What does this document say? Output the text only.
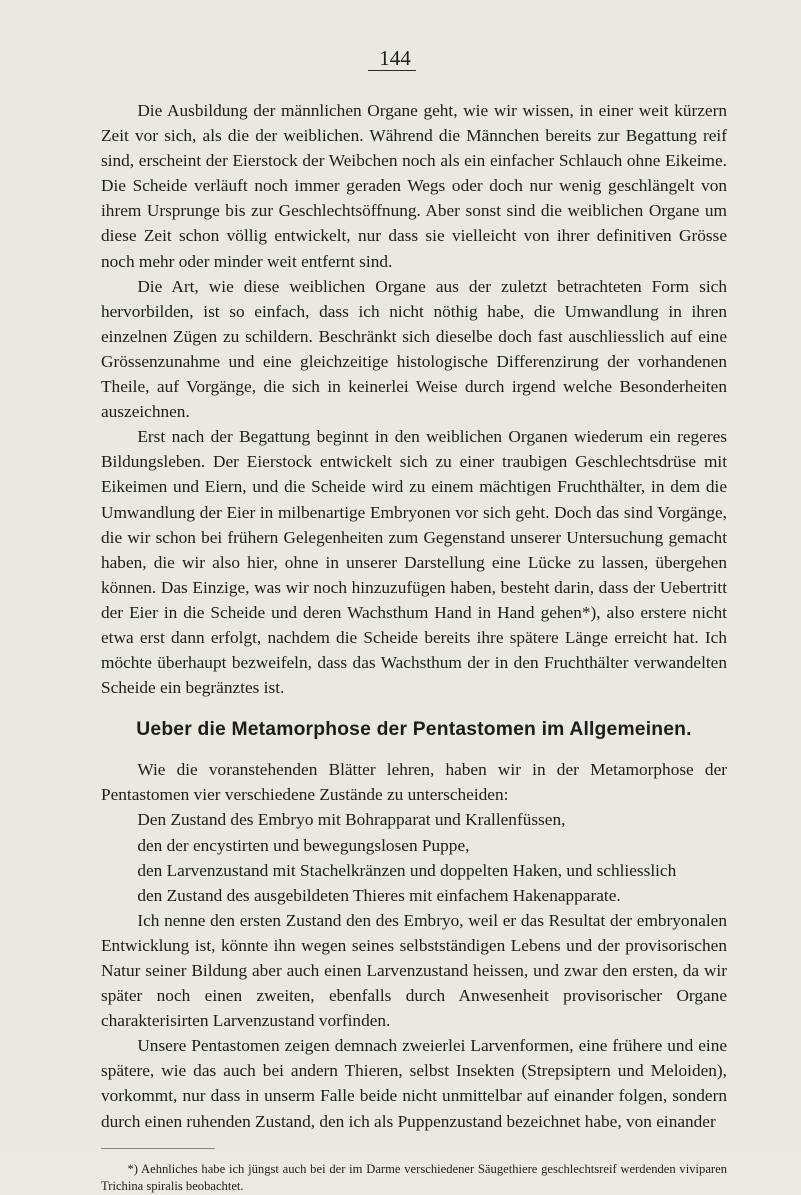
144

Die Ausbildung der männlichen Organe geht, wie wir wissen, in einer weit kürzern Zeit vor sich, als die der weiblichen. Während die Männchen bereits zur Begattung reif sind, erscheint der Eierstock der Weibchen noch als ein einfacher Schlauch ohne Eikeime. Die Scheide verläuft noch immer geraden Wegs oder doch nur wenig geschlängelt von ihrem Ursprunge bis zur Geschlechtsöffnung. Aber sonst sind die weiblichen Organe um diese Zeit schon völlig entwickelt, nur dass sie vielleicht von ihrer definitiven Grösse noch mehr oder minder weit entfernt sind.

Die Art, wie diese weiblichen Organe aus der zuletzt betrachteten Form sich hervorbilden, ist so einfach, dass ich nicht nöthig habe, die Umwandlung in ihren einzelnen Zügen zu schildern. Beschränkt sich dieselbe doch fast auschliesslich auf eine Grössenzunahme und eine gleichzeitige histologische Differenzirung der vorhandenen Theile, auf Vorgänge, die sich in keinerlei Weise durch irgend welche Besonderheiten auszeichnen.

Erst nach der Begattung beginnt in den weiblichen Organen wiederum ein regeres Bildungsleben. Der Eierstock entwickelt sich zu einer traubigen Geschlechtsdrüse mit Eikeimen und Eiern, und die Scheide wird zu einem mächtigen Fruchthälter, in dem die Umwandlung der Eier in milbenartige Embryonen vor sich geht. Doch das sind Vorgänge, die wir schon bei frühern Gelegenheiten zum Gegenstand unserer Untersuchung gemacht haben, die wir also hier, ohne in unserer Darstellung eine Lücke zu lassen, übergehen können. Das Einzige, was wir noch hinzuzufügen haben, besteht darin, dass der Uebertritt der Eier in die Scheide und deren Wachsthum Hand in Hand gehen*), also erstere nicht etwa erst dann erfolgt, nachdem die Scheide bereits ihre spätere Länge erreicht hat. Ich möchte überhaupt bezweifeln, dass das Wachsthum der in den Fruchthälter verwandelten Scheide ein begränztes ist.

Ueber die Metamorphose der Pentastomen im Allgemeinen.

Wie die voranstehenden Blätter lehren, haben wir in der Metamorphose der Pentastomen vier verschiedene Zustände zu unterscheiden:

Den Zustand des Embryo mit Bohrapparat und Krallenfüssen,
den der encystirten und bewegungslosen Puppe,
den Larvenzustand mit Stachelkränzen und doppelten Haken, und schliesslich
den Zustand des ausgebildeten Thieres mit einfachem Hakenapparate.

Ich nenne den ersten Zustand den des Embryo, weil er das Resultat der embryonalen Entwicklung ist, könnte ihn wegen seines selbstständigen Lebens und der provisorischen Natur seiner Bildung aber auch einen Larvenzustand heissen, und zwar den ersten, da wir später noch einen zweiten, ebenfalls durch Anwesenheit provisorischer Organe charakterisirten Larvenzustand vorfinden.

Unsere Pentastomen zeigen demnach zweierlei Larvenformen, eine frühere und eine spätere, wie das auch bei andern Thieren, selbst Insekten (Strepsiptern und Meloiden), vorkommt, nur dass in unserm Falle beide nicht unmittelbar auf einander folgen, sondern durch einen ruhenden Zustand, den ich als Puppenzustand bezeichnet habe, von einander

*) Aehnliches habe ich jüngst auch bei der im Darme verschiedener Säugethiere geschlechtsreif werdenden viviparen Trichina spiralis beobachtet.
